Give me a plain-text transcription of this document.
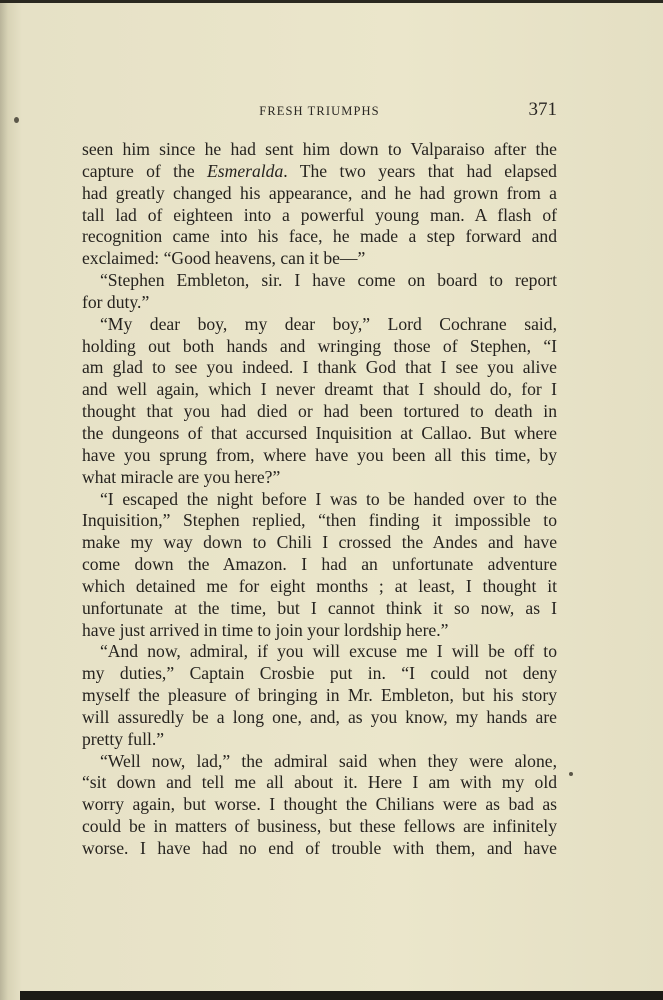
FRESH TRIUMPHS	371
seen him since he had sent him down to Valparaiso after the
capture of the Esmeralda. The two years that had elapsed
had greatly changed his appearance, and he had grown from a
tall lad of eighteen into a powerful young man. A flash of
recognition came into his face, he made a step forward and
exclaimed: “Good heavens, can it be—”
“Stephen Embleton, sir. I have come on board to report
for duty.”
“My dear boy, my dear boy,” Lord Cochrane said,
holding out both hands and wringing those of Stephen, “I
am glad to see you indeed. I thank God that I see you alive
and well again, which I never dreamt that I should do, for I
thought that you had died or had been tortured to death in
the dungeons of that accursed Inquisition at Callao. But where
have you sprung from, where have you been all this time, by
what miracle are you here?”
“I escaped the night before I was to be handed over to the
Inquisition,” Stephen replied, “then finding it impossible to
make my way down to Chili I crossed the Andes and have
come down the Amazon. I had an unfortunate adventure
which detained me for eight months ; at least, I thought it
unfortunate at the time, but I cannot think it so now, as I
have just arrived in time to join your lordship here.”
“And now, admiral, if you will excuse me I will be off to
my duties,” Captain Crosbie put in. “I could not deny
myself the pleasure of bringing in Mr. Embleton, but his story
will assuredly be a long one, and, as you know, my hands are
pretty full.”
“Well now, lad,” the admiral said when they were alone,
“sit down and tell me all about it. Here I am with my old
worry again, but worse. I thought the Chilians were as bad as
could be in matters of business, but these fellows are infinitely
worse. I have had no end of trouble with them, and have
